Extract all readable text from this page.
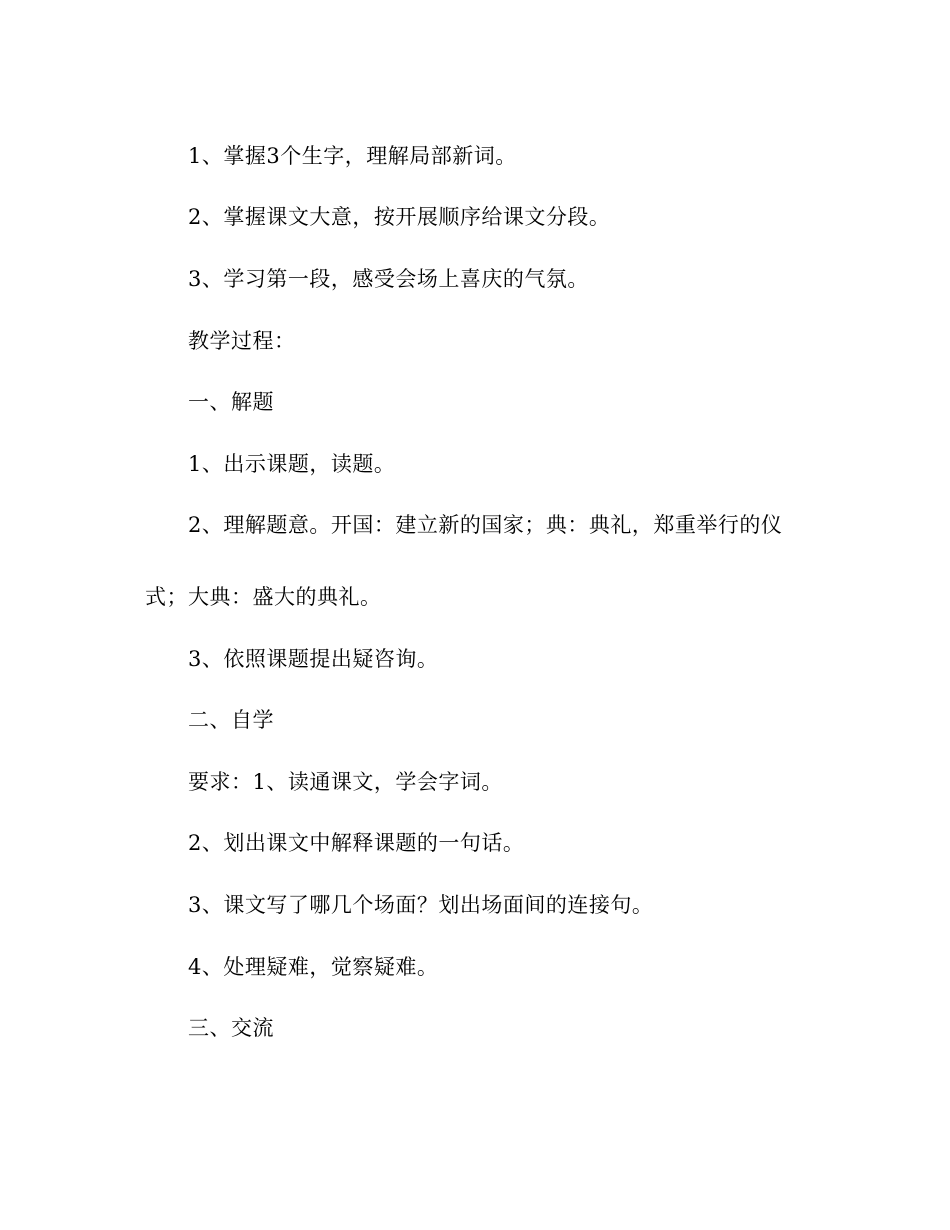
1、掌握3个生字，理解局部新词。
2、掌握课文大意，按开展顺序给课文分段。
3、学习第一段，感受会场上喜庆的气氛。
教学过程：
一、解题
1、出示课题，读题。
2、理解题意。开国：建立新的国家；典：典礼，郑重举行的仪
式；大典：盛大的典礼。
3、依照课题提出疑咨询。
二、自学
要求：1、读通课文，学会字词。
2、划出课文中解释课题的一句话。
3、课文写了哪几个场面？划出场面间的连接句。
4、处理疑难，觉察疑难。
三、交流
